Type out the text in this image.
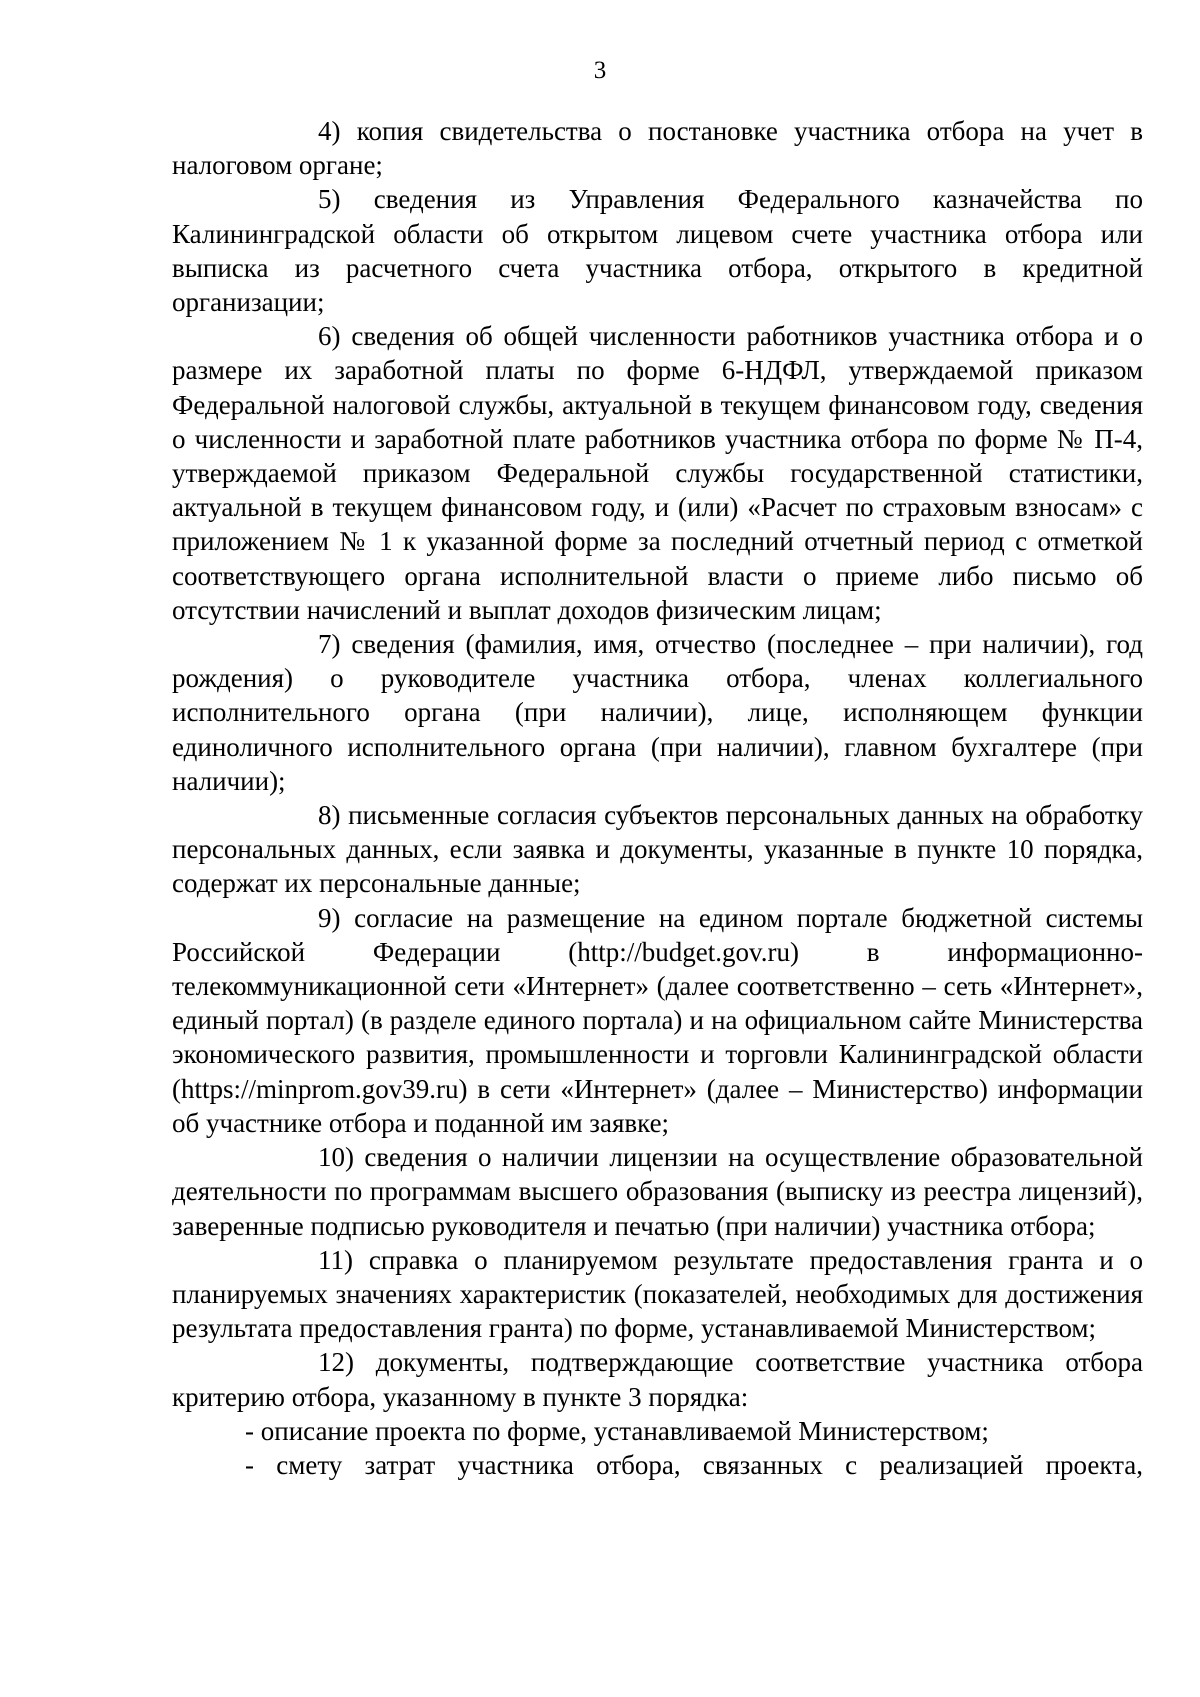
3

4) копия свидетельства о постановке участника отбора на учет в налоговом органе;

5) сведения из Управления Федерального казначейства по Калининградской области об открытом лицевом счете участника отбора или выписка из расчетного счета участника отбора, открытого в кредитной организации;

6) сведения об общей численности работников участника отбора и о размере их заработной платы по форме 6-НДФЛ, утверждаемой приказом Федеральной налоговой службы, актуальной в текущем финансовом году, сведения о численности и заработной плате работников участника отбора по форме № П-4, утверждаемой приказом Федеральной службы государственной статистики, актуальной в текущем финансовом году, и (или) «Расчет по страховым взносам» с приложением № 1 к указанной форме за последний отчетный период с отметкой соответствующего органа исполнительной власти о приеме либо письмо об отсутствии начислений и выплат доходов физическим лицам;

7) сведения (фамилия, имя, отчество (последнее – при наличии), год рождения) о руководителе участника отбора, членах коллегиального исполнительного органа (при наличии), лице, исполняющем функции единоличного исполнительного органа (при наличии), главном бухгалтере (при наличии);

8) письменные согласия субъектов персональных данных на обработку персональных данных, если заявка и документы, указанные в пункте 10 порядка, содержат их персональные данные;

9) согласие на размещение на едином портале бюджетной системы Российской Федерации (http://budget.gov.ru) в информационно-телекоммуникационной сети «Интернет» (далее соответственно – сеть «Интернет», единый портал) (в разделе единого портала) и на официальном сайте Министерства экономического развития, промышленности и торговли Калининградской области (https://minprom.gov39.ru) в сети «Интернет» (далее – Министерство) информации об участнике отбора и поданной им заявке;

10) сведения о наличии лицензии на осуществление образовательной деятельности по программам высшего образования (выписку из реестра лицензий), заверенные подписью руководителя и печатью (при наличии) участника отбора;

11) справка о планируемом результате предоставления гранта и о планируемых значениях характеристик (показателей, необходимых для достижения результата предоставления гранта) по форме, устанавливаемой Министерством;

12) документы, подтверждающие соответствие участника отбора критерию отбора, указанному в пункте 3 порядка:

- описание проекта по форме, устанавливаемой Министерством;

- смету затрат участника отбора, связанных с реализацией проекта,
